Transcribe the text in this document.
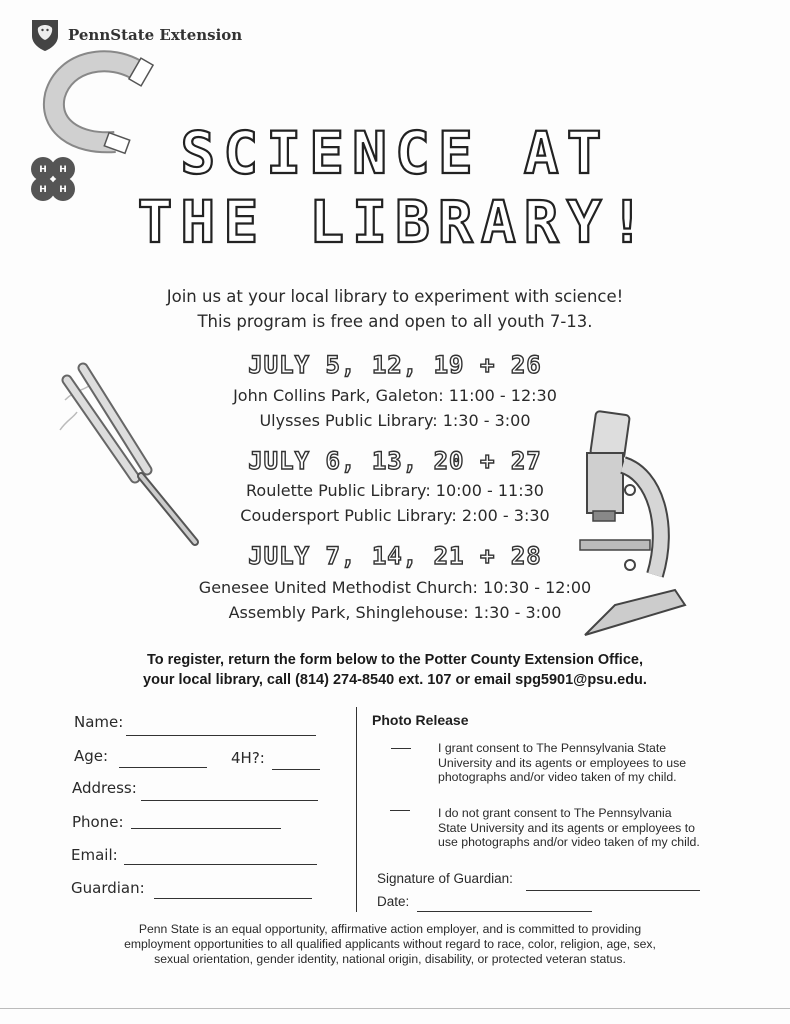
PennState Extension
H H
H H
SCIENCE AT
THE LIBRARY!
Join us at your local library to experiment with science!
This program is free and open to all youth 7-13.
JULY 5, 12, 19 + 26
John Collins Park, Galeton: 11:00 - 12:30
Ulysses Public Library: 1:30 - 3:00
JULY 6, 13, 20 + 27
Roulette Public Library: 10:00 - 11:30
Coudersport Public Library: 2:00 - 3:30
JULY 7, 14, 21 + 28
Genesee United Methodist Church: 10:30 - 12:00
Assembly Park, Shinglehouse: 1:30 - 3:00
To register, return the form below to the Potter County Extension Office,
your local library, call (814) 274-8540 ext. 107 or email spg5901@psu.edu.
Name:
Age:	4H?:
Address:
Phone:
Email:
Guardian:
Photo Release
I grant consent to The Pennsylvania State University and its agents or employees to use photographs and/or video taken of my child.
I do not grant consent to The Pennsylvania State University and its agents or employees to use photographs and/or video taken of my child.
Signature of Guardian:
Date:
Penn State is an equal opportunity, affirmative action employer, and is committed to providing employment opportunities to all qualified applicants without regard to race, color, religion, age, sex, sexual orientation, gender identity, national origin, disability, or protected veteran status.
